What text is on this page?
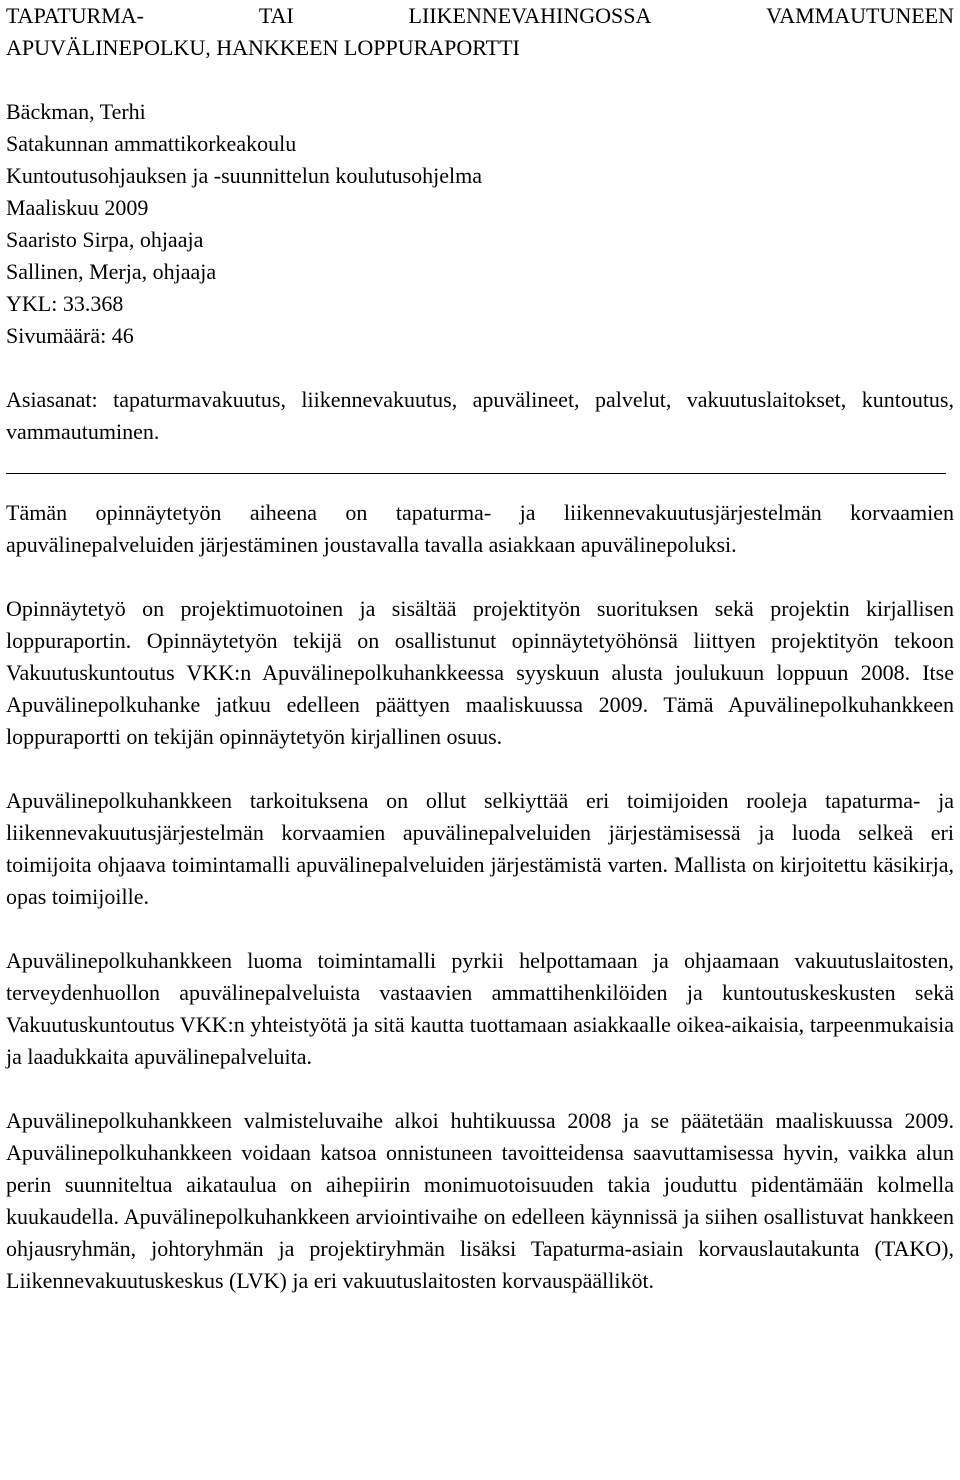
TAPATURMA-	TAI	LIIKENNEVAHINGOSSA	VAMMAUTUNEEN

APUVÄLINEPOLKU, HANKKEEN LOPPURAPORTTI

Bäckman, Terhi

Satakunnan ammattikorkeakoulu

Kuntoutusohjauksen ja -suunnittelun koulutusohjelma

Maaliskuu 2009

Saaristo Sirpa, ohjaaja

Sallinen, Merja, ohjaaja

YKL: 33.368

Sivumäärä: 46

Asiasanat: tapaturmavakuutus, liikennevakuutus, apuvälineet, palvelut, vakuutuslaitokset, kuntoutus, vammautuminen.

Tämän opinnäytetyön aiheena on tapaturma- ja liikennevakuutusjärjestelmän korvaamien apuvälinepalveluiden järjestäminen joustavalla tavalla asiakkaan apuvälinepoluksi.

Opinnäytetyö on projektimuotoinen ja sisältää projektityön suorituksen sekä projektin kirjallisen loppuraportin. Opinnäytetyön tekijä on osallistunut opinnäytetyöhönsä liittyen projektityön tekoon Vakuutuskuntoutus VKK:n Apuvälinepolkuhankkeessa syyskuun alusta joulukuun loppuun 2008. Itse Apuvälinepolkuhanke jatkuu edelleen päättyen maaliskuussa 2009. Tämä Apuvälinepolkuhankkeen loppuraportti on tekijän opinnäytetyön kirjallinen osuus.

Apuvälinepolkuhankkeen tarkoituksena on ollut selkiyttää eri toimijoiden rooleja tapaturma- ja liikennevakuutusjärjestelmän korvaamien apuvälinepalveluiden järjestämisessä ja luoda selkeä eri toimijoita ohjaava toimintamalli apuvälinepalveluiden järjestämistä varten. Mallista on kirjoitettu käsikirja, opas toimijoille.

Apuvälinepolkuhankkeen luoma toimintamalli pyrkii helpottamaan ja ohjaamaan vakuutuslaitosten, terveydenhuollon apuvälinepalveluista vastaavien ammattihenkilöiden ja kuntoutuskeskusten sekä Vakuutuskuntoutus VKK:n yhteistyötä ja sitä kautta tuottamaan asiakkaalle oikea-aikaisia, tarpeenmukaisia ja laadukkaita apuvälinepalveluita.

Apuvälinepolkuhankkeen valmisteluvaihe alkoi huhtikuussa 2008 ja se päätetään maaliskuussa 2009. Apuvälinepolkuhankkeen voidaan katsoa onnistuneen tavoitteidensa saavuttamisessa hyvin, vaikka alun perin suunniteltua aikataulua on aihepiirin monimuotoisuuden takia jouduttu pidentämään kolmella kuukaudella. Apuvälinepolkuhankkeen arviointivaihe on edelleen käynnissä ja siihen osallistuvat hankkeen ohjausryhmän, johtoryhmän ja projektiryhmän lisäksi Tapaturma-asiain korvauslautakunta (TAKO), Liikennevakuutuskeskus (LVK) ja eri vakuutuslaitosten korvauspäälliköt.
